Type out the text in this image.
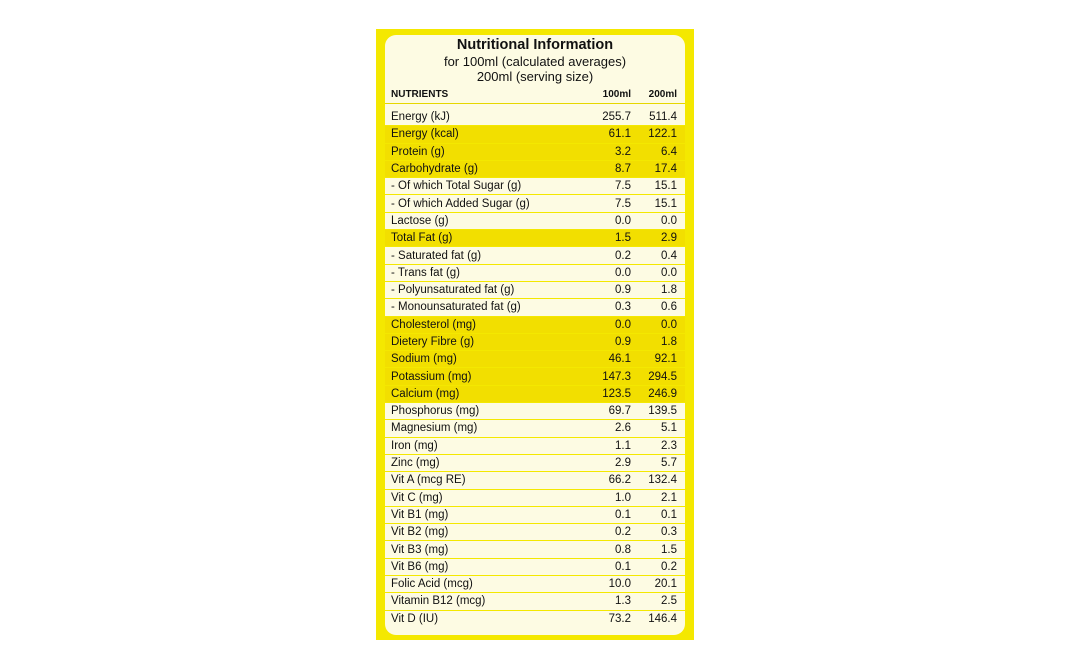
Nutritional Information
for 100ml (calculated averages)
200ml (serving size)
NUTRIENTS	100ml	200ml
Energy (kJ)	255.7	511.4
Energy (kcal)	61.1	122.1
Protein (g)	3.2	6.4
Carbohydrate (g)	8.7	17.4
- Of which Total Sugar (g)	7.5	15.1
- Of which Added Sugar (g)	7.5	15.1
Lactose (g)	0.0	0.0
Total Fat (g)	1.5	2.9
- Saturated fat (g)	0.2	0.4
- Trans fat (g)	0.0	0.0
- Polyunsaturated fat (g)	0.9	1.8
- Monounsaturated fat (g)	0.3	0.6
Cholesterol (mg)	0.0	0.0
Dietery Fibre (g)	0.9	1.8
Sodium (mg)	46.1	92.1
Potassium (mg)	147.3	294.5
Calcium (mg)	123.5	246.9
Phosphorus (mg)	69.7	139.5
Magnesium (mg)	2.6	5.1
Iron (mg)	1.1	2.3
Zinc (mg)	2.9	5.7
Vit A (mcg RE)	66.2	132.4
Vit C (mg)	1.0	2.1
Vit B1 (mg)	0.1	0.1
Vit B2 (mg)	0.2	0.3
Vit B3 (mg)	0.8	1.5
Vit B6 (mg)	0.1	0.2
Folic Acid (mcg)	10.0	20.1
Vitamin B12 (mcg)	1.3	2.5
Vit D (IU)	73.2	146.4
